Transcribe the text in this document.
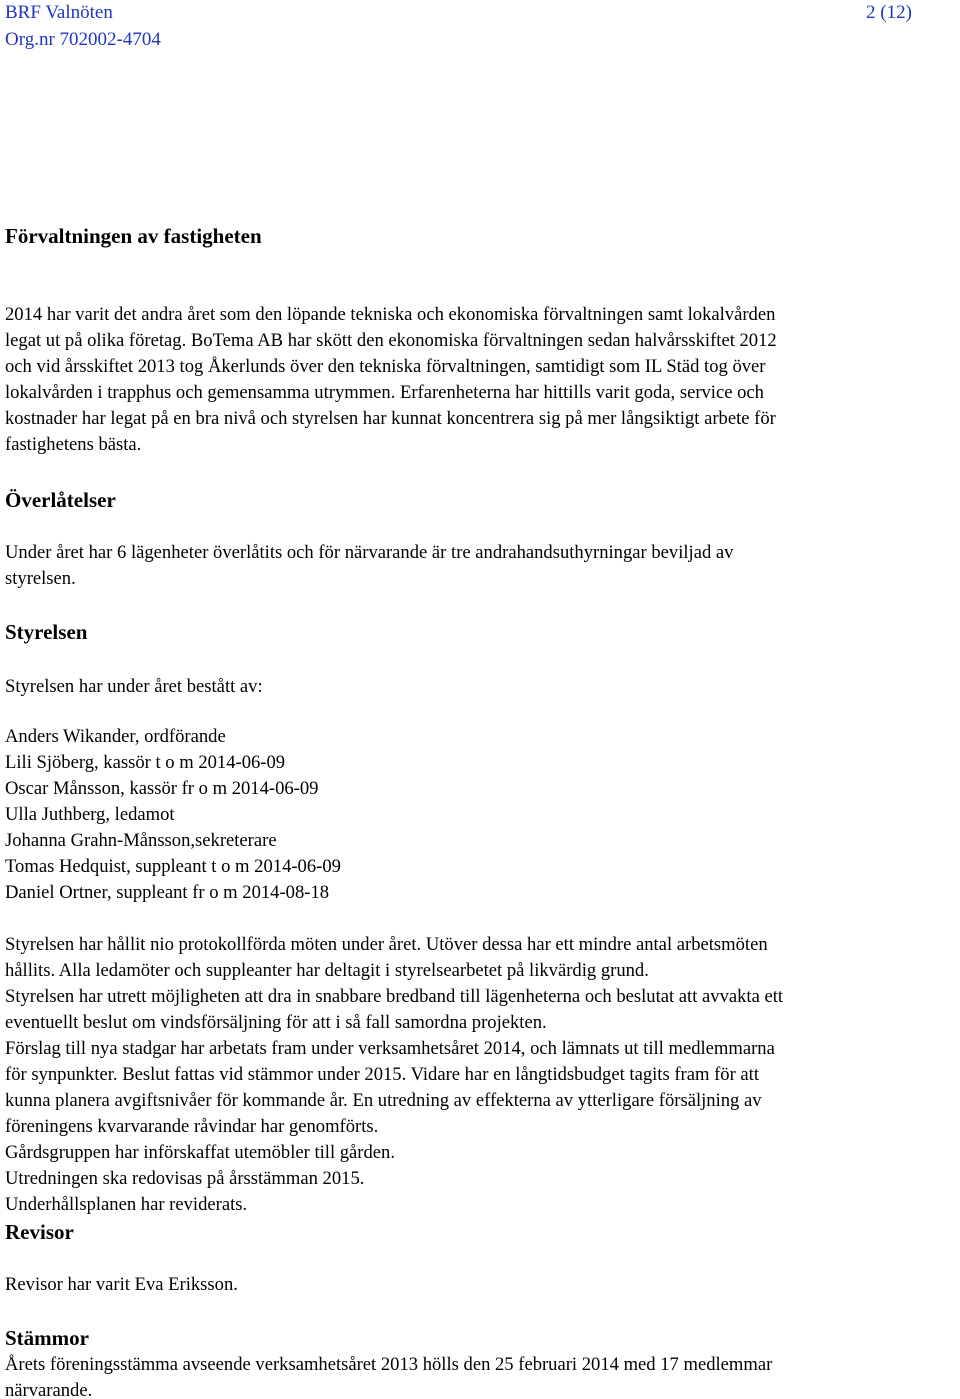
BRF Valnöten
Org.nr 702002-4704
2 (12)
Förvaltningen av fastigheten
2014 har varit det andra året som den löpande tekniska och ekonomiska förvaltningen samt lokalvården
legat ut på olika företag. BoTema AB har skött den ekonomiska förvaltningen sedan halvårsskiftet 2012
och vid årsskiftet 2013 tog Åkerlunds över den tekniska förvaltningen, samtidigt som IL Städ tog över
lokalvården i trapphus och gemensamma utrymmen. Erfarenheterna har hittills varit goda, service och
kostnader har legat på en bra nivå och styrelsen har kunnat koncentrera sig på mer långsiktigt arbete för
fastighetens bästa.
Överlåtelser
Under året har 6 lägenheter överlåtits och för närvarande är tre andrahandsuthyrningar beviljad av
styrelsen.
Styrelsen
Styrelsen har under året bestått av:
Anders Wikander, ordförande
Lili Sjöberg, kassör t o m 2014-06-09
Oscar Månsson, kassör fr o m 2014-06-09
Ulla Juthberg, ledamot
Johanna Grahn-Månsson,sekreterare
Tomas Hedquist, suppleant t o m 2014-06-09
Daniel Ortner, suppleant fr o m 2014-08-18
Styrelsen har hållit nio protokollförda möten under året. Utöver dessa har ett mindre antal arbetsmöten
hållits. Alla ledamöter och suppleanter har deltagit i styrelsearbetet på likvärdig grund.
Styrelsen har utrett möjligheten att dra in snabbare bredband till lägenheterna och beslutat att avvakta ett
eventuellt beslut om vindsförsäljning för att i så fall samordna projekten.
Förslag till nya stadgar har arbetats fram under verksamhetsåret 2014, och lämnats ut till medlemmarna
för synpunkter. Beslut fattas vid stämmor under 2015. Vidare har en långtidsbudget tagits fram för att
kunna planera avgiftsnivåer för kommande år. En utredning av effekterna av ytterligare försäljning av
föreningens kvarvarande råvindar har genomförts.
Gårdsgruppen har införskaffat utemöbler till gården.
Utredningen ska redovisas på årsstämman 2015.
Underhållsplanen har reviderats.
Revisor
Revisor har varit Eva Eriksson.
Stämmor
Årets föreningsstämma avseende verksamhetsåret 2013 hölls den 25 februari 2014 med 17 medlemmar
närvarande.
